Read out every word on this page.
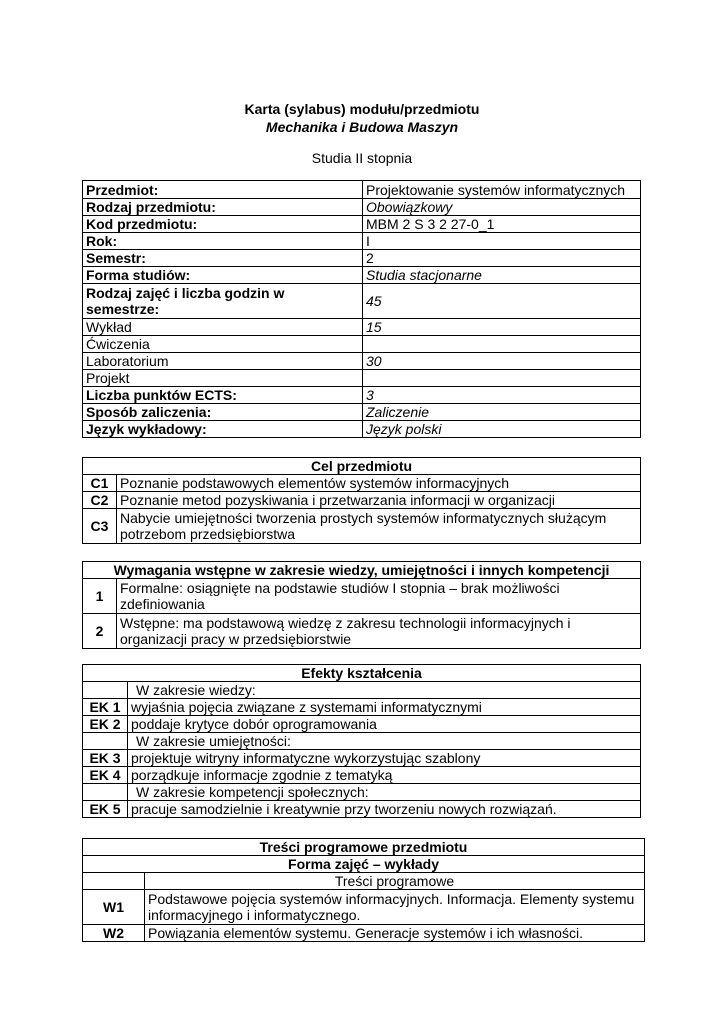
Karta (sylabus) modułu/przedmiotu
Mechanika i Budowa Maszyn
Studia II stopnia
Przedmiot:	Projektowanie systemów informatycznych
Rodzaj przedmiotu:	Obowiązkowy
Kod przedmiotu:	MBM 2 S 3 2 27-0_1
Rok:	I
Semestr:	2
Forma studiów:	Studia stacjonarne
Rodzaj zajęć i liczba godzin w semestrze:	45
Wykład	15
Ćwiczenia	
Laboratorium	30
Projekt	
Liczba punktów ECTS:	3
Sposób zaliczenia:	Zaliczenie
Język wykładowy:	Język polski
Cel przedmiotu	
C1	Poznanie podstawowych elementów systemów informacyjnych
C2	Poznanie metod pozyskiwania i przetwarzania informacji w organizacji
C3	Nabycie umiejętności tworzenia prostych systemów informatycznych służącym potrzebom przedsiębiorstwa
Wymagania wstępne w zakresie wiedzy, umiejętności i innych kompetencji	
1	Formalne: osiągnięte na podstawie studiów I stopnia – brak możliwości zdefiniowania
2	Wstępne: ma podstawową wiedzę z zakresu technologii informacyjnych i organizacji pracy w przedsiębiorstwie
Efekty kształcenia	
	W zakresie wiedzy:
EK 1	wyjaśnia pojęcia związane z systemami informatycznymi
EK 2	poddaje krytyce dobór oprogramowania
	W zakresie umiejętności:
EK 3	projektuje witryny informatyczne wykorzystując szablony
EK 4	porządkuje informacje zgodnie z tematyką
	W zakresie kompetencji społecznych:
EK 5	pracuje samodzielnie i kreatywnie przy tworzeniu nowych rozwiązań.
Treści programowe przedmiotu	
Forma zajęć – wykłady	
	Treści programowe
W1	Podstawowe pojęcia systemów informacyjnych. Informacja. Elementy systemu informacyjnego i informatycznego.
W2	Powiązania elementów systemu. Generacje systemów i ich własności.
